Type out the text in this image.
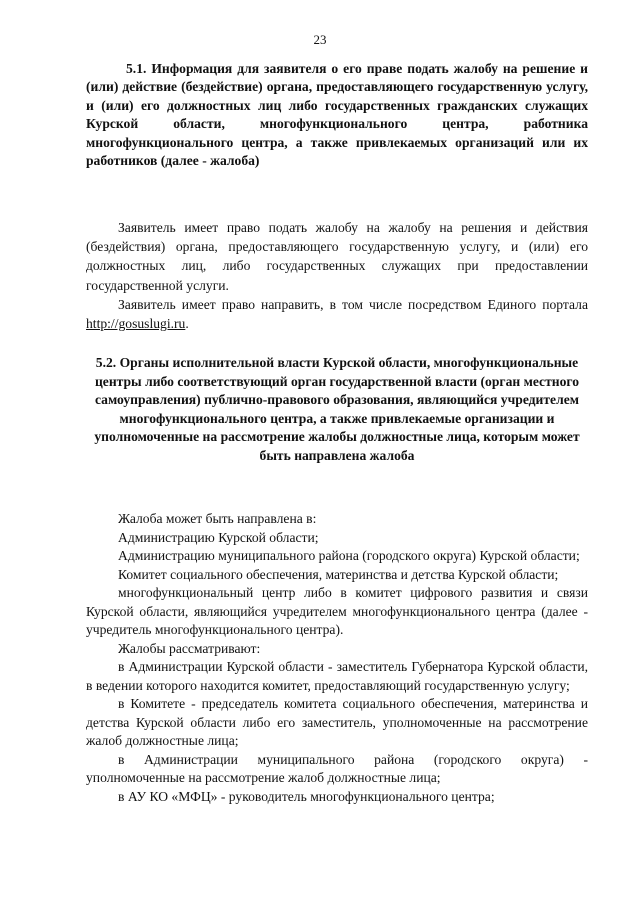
23

5.1. Информация для заявителя о его праве подать жалобу на решение и (или) действие (бездействие) органа, предоставляющего государственную услугу, и (или) его должностных лиц либо государственных гражданских служащих Курской области, многофункционального центра, работника многофункционального центра, а также привлекаемых организаций или их работников (далее - жалоба)

Заявитель имеет право подать жалобу на жалобу на решения и действия (бездействия) органа, предоставляющего государственную услугу, и (или) его должностных лиц, либо государственных служащих при предоставлении государственной услуги.

Заявитель имеет право направить, в том числе посредством Единого портала http://gosuslugi.ru.

5.2. Органы исполнительной власти Курской области, многофункциональные центры либо соответствующий орган государственной власти (орган местного самоуправления) публично-правового образования, являющийся учредителем многофункционального центра, а также привлекаемые организации и уполномоченные на рассмотрение жалобы должностные лица, которым может быть направлена жалоба

Жалоба может быть направлена в:

Администрацию Курской области;

Администрацию муниципального района (городского округа) Курской области;

Комитет социального обеспечения, материнства и детства Курской области;

многофункциональный центр либо в комитет цифрового развития и связи Курской области, являющийся учредителем многофункционального центра (далее - учредитель многофункционального центра).

Жалобы рассматривают:

в Администрации Курской области - заместитель Губернатора Курской области, в ведении которого находится комитет, предоставляющий государственную услугу;

в Комитете - председатель комитета социального обеспечения, материнства и детства Курской области либо его заместитель, уполномоченные на рассмотрение жалоб должностные лица;

в Администрации муниципального района (городского округа) - уполномоченные на рассмотрение жалоб должностные лица;

в АУ КО «МФЦ» - руководитель многофункционального центра;
